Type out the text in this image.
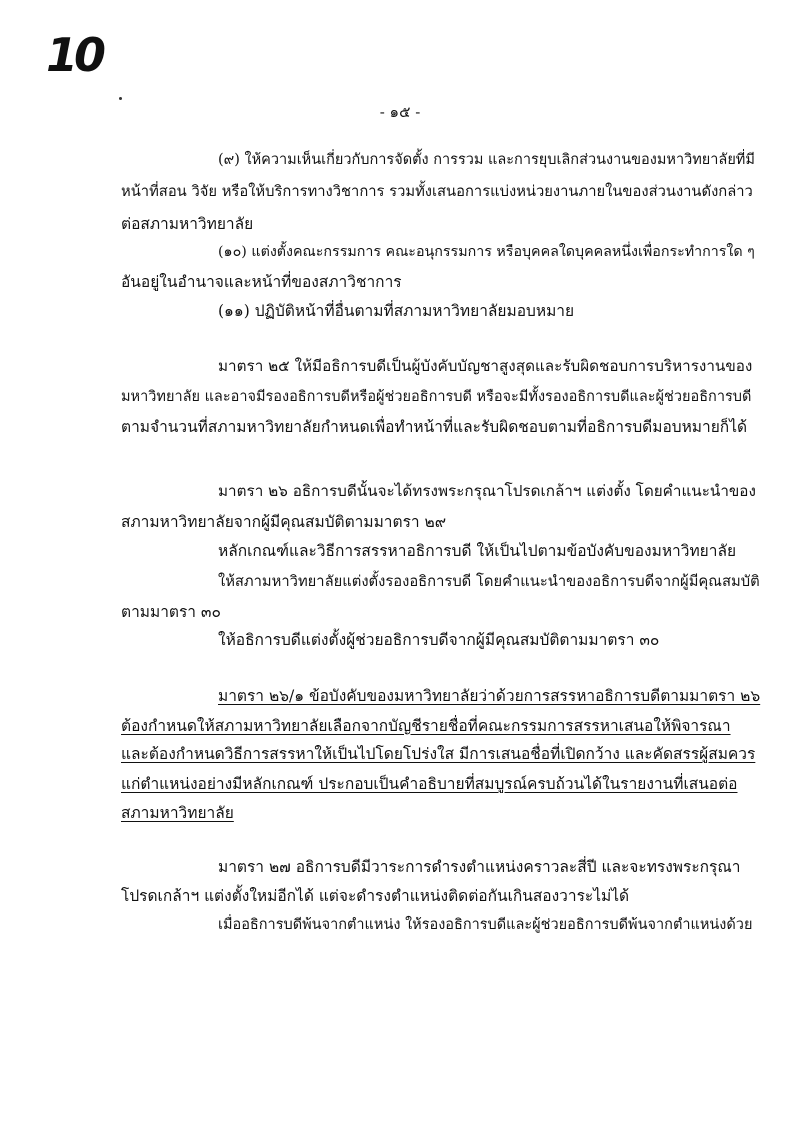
10
- ๑๕ -
(๙) ให้ความเห็นเกี่ยวกับการจัดตั้ง การรวม และการยุบเลิกส่วนงานของมหาวิทยาลัยที่มี
หน้าที่สอน วิจัย หรือให้บริการทางวิชาการ รวมทั้งเสนอการแบ่งหน่วยงานภายในของส่วนงานดังกล่าว
ต่อสภามหาวิทยาลัย
(๑๐) แต่งตั้งคณะกรรมการ คณะอนุกรรมการ หรือบุคคลใดบุคคลหนึ่งเพื่อกระทำการใด ๆ
อันอยู่ในอำนาจและหน้าที่ของสภาวิชาการ
(๑๑) ปฏิบัติหน้าที่อื่นตามที่สภามหาวิทยาลัยมอบหมาย
มาตรา ๒๕ ให้มีอธิการบดีเป็นผู้บังคับบัญชาสูงสุดและรับผิดชอบการบริหารงานของ
มหาวิทยาลัย และอาจมีรองอธิการบดีหรือผู้ช่วยอธิการบดี หรือจะมีทั้งรองอธิการบดีและผู้ช่วยอธิการบดี
ตามจำนวนที่สภามหาวิทยาลัยกำหนดเพื่อทำหน้าที่และรับผิดชอบตามที่อธิการบดีมอบหมายก็ได้
มาตรา ๒๖ อธิการบดีนั้นจะได้ทรงพระกรุณาโปรดเกล้าฯ แต่งตั้ง โดยคำแนะนำของ
สภามหาวิทยาลัยจากผู้มีคุณสมบัติตามมาตรา ๒๙
หลักเกณฑ์และวิธีการสรรหาอธิการบดี ให้เป็นไปตามข้อบังคับของมหาวิทยาลัย
ให้สภามหาวิทยาลัยแต่งตั้งรองอธิการบดี โดยคำแนะนำของอธิการบดีจากผู้มีคุณสมบัติ
ตามมาตรา ๓๐
ให้อธิการบดีแต่งตั้งผู้ช่วยอธิการบดีจากผู้มีคุณสมบัติตามมาตรา ๓๐
มาตรา ๒๖/๑ ข้อบังคับของมหาวิทยาลัยว่าด้วยการสรรหาอธิการบดีตามมาตรา ๒๖
ต้องกำหนดให้สภามหาวิทยาลัยเลือกจากบัญชีรายชื่อที่คณะกรรมการสรรหาเสนอให้พิจารณา
และต้องกำหนดวิธีการสรรหาให้เป็นไปโดยโปร่งใส มีการเสนอชื่อที่เปิดกว้าง และคัดสรรผู้สมควร
แก่ตำแหน่งอย่างมีหลักเกณฑ์ ประกอบเป็นคำอธิบายที่สมบูรณ์ครบถ้วนได้ในรายงานที่เสนอต่อ
สภามหาวิทยาลัย
มาตรา ๒๗ อธิการบดีมีวาระการดำรงตำแหน่งคราวละสี่ปี และจะทรงพระกรุณา
โปรดเกล้าฯ แต่งตั้งใหม่อีกได้ แต่จะดำรงตำแหน่งติดต่อกันเกินสองวาระไม่ได้
เมื่ออธิการบดีพ้นจากตำแหน่ง ให้รองอธิการบดีและผู้ช่วยอธิการบดีพ้นจากตำแหน่งด้วย
